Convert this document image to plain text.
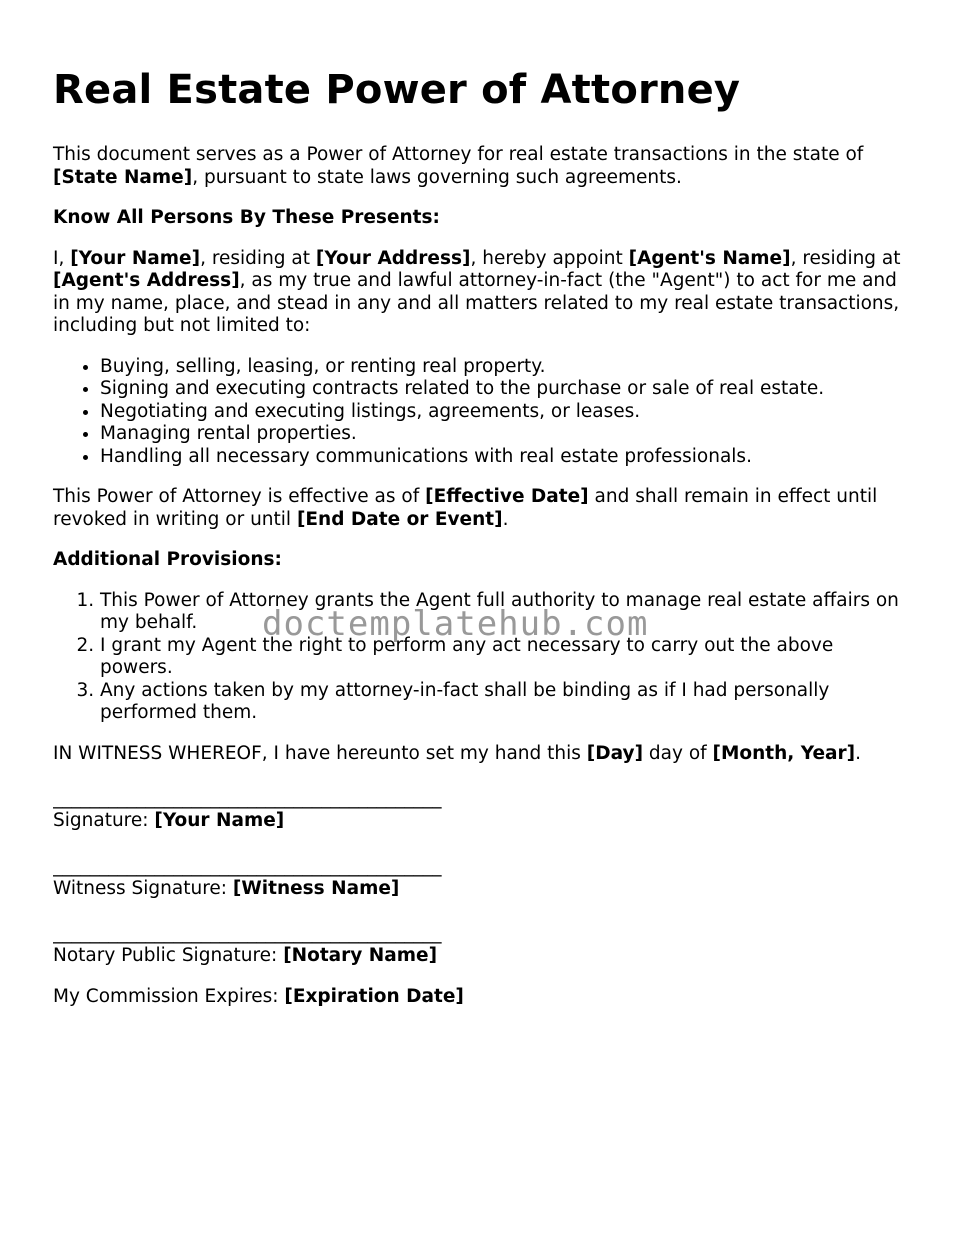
Real Estate Power of Attorney

This document serves as a Power of Attorney for real estate transactions in the state of [State Name], pursuant to state laws governing such agreements.

Know All Persons By These Presents:

I, [Your Name], residing at [Your Address], hereby appoint [Agent's Name], residing at [Agent's Address], as my true and lawful attorney-in-fact (the "Agent") to act for me and in my name, place, and stead in any and all matters related to my real estate transactions, including but not limited to:

• Buying, selling, leasing, or renting real property.
• Signing and executing contracts related to the purchase or sale of real estate.
• Negotiating and executing listings, agreements, or leases.
• Managing rental properties.
• Handling all necessary communications with real estate professionals.

This Power of Attorney is effective as of [Effective Date] and shall remain in effect until revoked in writing or until [End Date or Event].

Additional Provisions:

1. This Power of Attorney grants the Agent full authority to manage real estate affairs on my behalf.
2. I grant my Agent the right to perform any act necessary to carry out the above powers.
3. Any actions taken by my attorney-in-fact shall be binding as if I had personally performed them.

IN WITNESS WHEREOF, I have hereunto set my hand this [Day] day of [Month, Year].

__________________________________________

Signature: [Your Name]

__________________________________________

Witness Signature: [Witness Name]

__________________________________________

Notary Public Signature: [Notary Name]

My Commission Expires: [Expiration Date]

doctemplatehub.com
